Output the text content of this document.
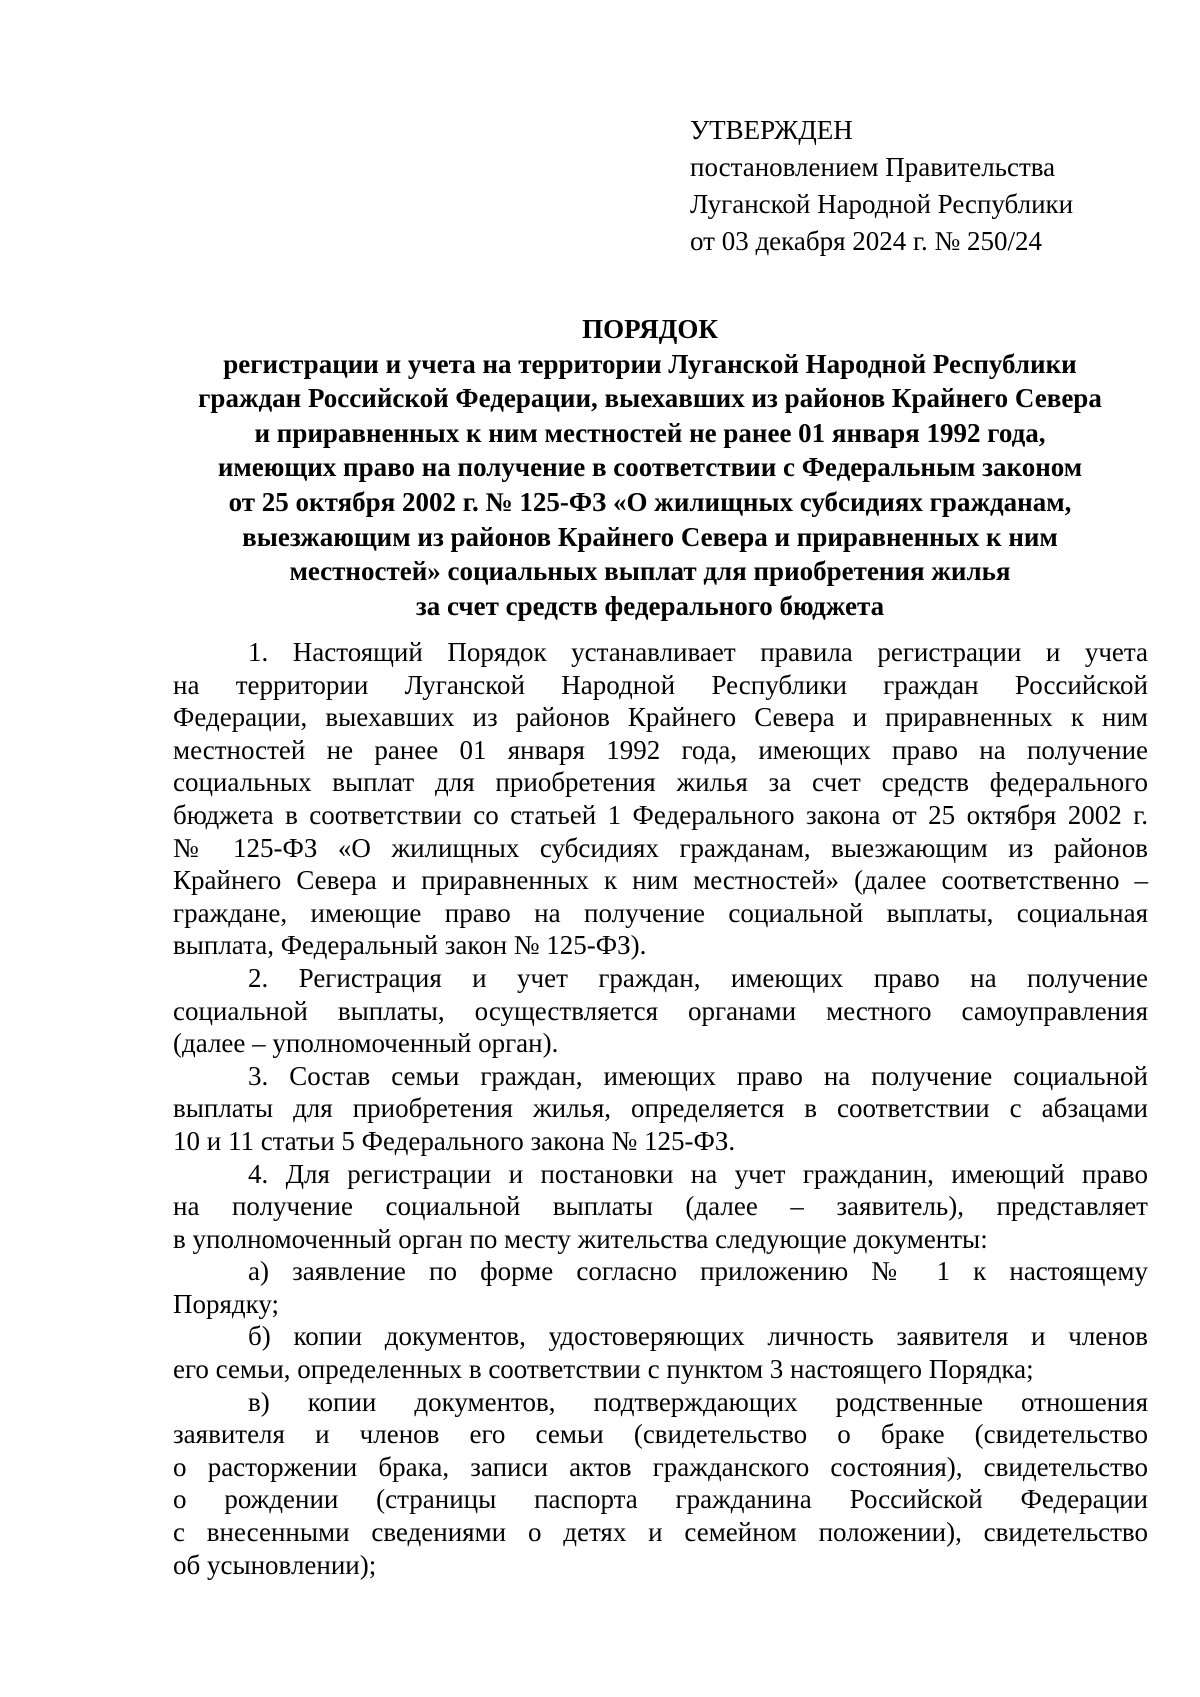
УТВЕРЖДЕН
постановлением Правительства
Луганской Народной Республики
от 03 декабря 2024 г. № 250/24
ПОРЯДОК
регистрации и учета на территории Луганской Народной Республики
граждан Российской Федерации, выехавших из районов Крайнего Севера
и приравненных к ним местностей не ранее 01 января 1992 года,
имеющих право на получение в соответствии с Федеральным законом
от 25 октября 2002 г. № 125-ФЗ «О жилищных субсидиях гражданам,
выезжающим из районов Крайнего Севера и приравненных к ним
местностей» социальных выплат для приобретения жилья
за счет средств федерального бюджета
1. Настоящий Порядок устанавливает правила регистрации и учета
на территории Луганской Народной Республики граждан Российской
Федерации, выехавших из районов Крайнего Севера и приравненных к ним
местностей не ранее 01 января 1992 года, имеющих право на получение
социальных выплат для приобретения жилья за счет средств федерального
бюджета в соответствии со статьей 1 Федерального закона от 25 октября 2002 г.
№ 125-ФЗ «О жилищных субсидиях гражданам, выезжающим из районов
Крайнего Севера и приравненных к ним местностей» (далее соответственно –
граждане, имеющие право на получение социальной выплаты, социальная
выплата, Федеральный закон № 125-ФЗ).
2. Регистрация и учет граждан, имеющих право на получение
социальной выплаты, осуществляется органами местного самоуправления
(далее – уполномоченный орган).
3. Состав семьи граждан, имеющих право на получение социальной
выплаты для приобретения жилья, определяется в соответствии с абзацами
10 и 11 статьи 5 Федерального закона № 125-ФЗ.
4. Для регистрации и постановки на учет гражданин, имеющий право
на получение социальной выплаты (далее – заявитель), представляет
в уполномоченный орган по месту жительства следующие документы:
а) заявление по форме согласно приложению № 1 к настоящему
Порядку;
б) копии документов, удостоверяющих личность заявителя и членов
его семьи, определенных в соответствии с пунктом 3 настоящего Порядка;
в) копии документов, подтверждающих родственные отношения
заявителя и членов его семьи (свидетельство о браке (свидетельство
о расторжении брака, записи актов гражданского состояния), свидетельство
о рождении (страницы паспорта гражданина Российской Федерации
с внесенными сведениями о детях и семейном положении), свидетельство
об усыновлении);
